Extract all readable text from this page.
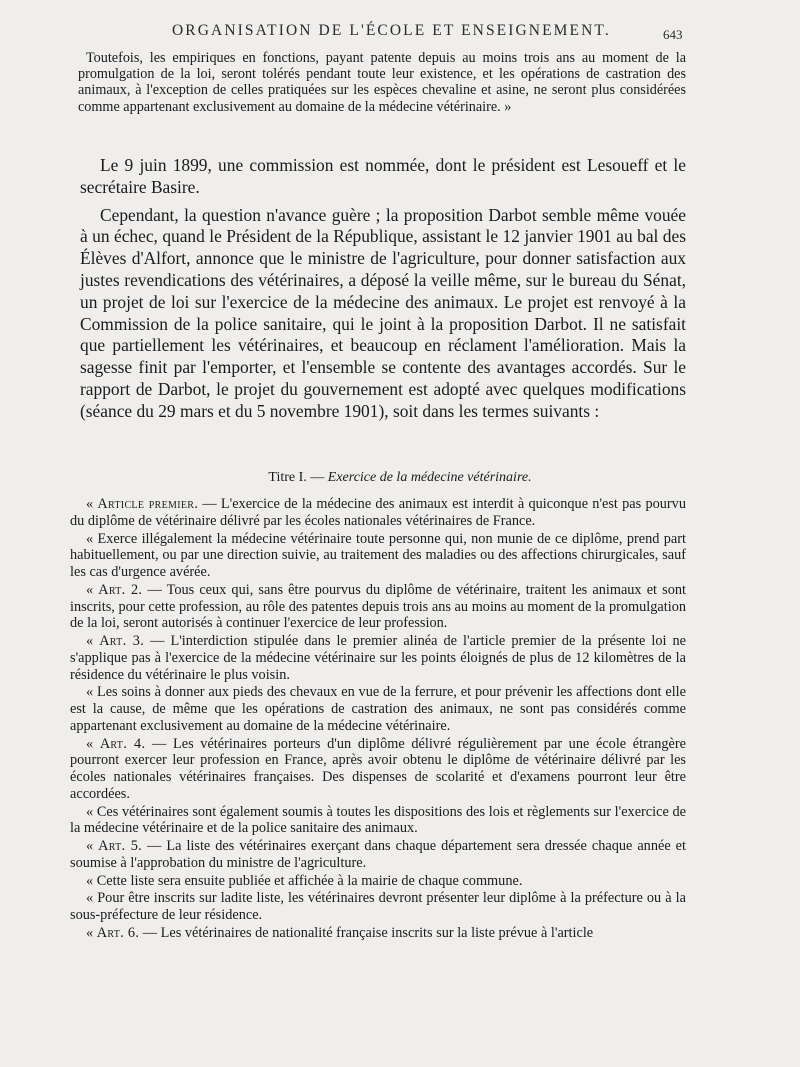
ORGANISATION DE L'ÉCOLE ET ENSEIGNEMENT.	643

Toutefois, les empiriques en fonctions, payant patente depuis au moins trois ans au moment de la promulgation de la loi, seront tolérés pendant toute leur existence, et les opérations de castration des animaux, à l'exception de celles pratiquées sur les espèces chevaline et asine, ne seront plus considérées comme appartenant exclusivement au domaine de la médecine vétérinaire. »

Le 9 juin 1899, une commission est nommée, dont le président est Lesoueff et le secrétaire Basire.

Cependant, la question n'avance guère ; la proposition Darbot semble même vouée à un échec, quand le Président de la République, assistant le 12 janvier 1901 au bal des Élèves d'Alfort, annonce que le ministre de l'agriculture, pour donner satisfaction aux justes revendications des vétérinaires, a déposé la veille même, sur le bureau du Sénat, un projet de loi sur l'exercice de la médecine des animaux. Le projet est renvoyé à la Commission de la police sanitaire, qui le joint à la proposition Darbot. Il ne satisfait que partiellement les vétérinaires, et beaucoup en réclament l'amélioration. Mais la sagesse finit par l'emporter, et l'ensemble se contente des avantages accordés. Sur le rapport de Darbot, le projet du gouvernement est adopté avec quelques modifications (séance du 29 mars et du 5 novembre 1901), soit dans les termes suivants :

Titre I. — Exercice de la médecine vétérinaire.

« Article premier. — L'exercice de la médecine des animaux est interdit à quiconque n'est pas pourvu du diplôme de vétérinaire délivré par les écoles nationales vétérinaires de France.

« Exerce illégalement la médecine vétérinaire toute personne qui, non munie de ce diplôme, prend part habituellement, ou par une direction suivie, au traitement des maladies ou des affections chirurgicales, sauf les cas d'urgence avérée.

« Art. 2. — Tous ceux qui, sans être pourvus du diplôme de vétérinaire, traitent les animaux et sont inscrits, pour cette profession, au rôle des patentes depuis trois ans au moins au moment de la promulgation de la loi, seront autorisés à continuer l'exercice de leur profession.

« Art. 3. — L'interdiction stipulée dans le premier alinéa de l'article premier de la présente loi ne s'applique pas à l'exercice de la médecine vétérinaire sur les points éloignés de plus de 12 kilomètres de la résidence du vétérinaire le plus voisin.

« Les soins à donner aux pieds des chevaux en vue de la ferrure, et pour prévenir les affections dont elle est la cause, de même que les opérations de castration des animaux, ne sont pas considérés comme appartenant exclusivement au domaine de la médecine vétérinaire.

« Art. 4. — Les vétérinaires porteurs d'un diplôme délivré régulièrement par une école étrangère pourront exercer leur profession en France, après avoir obtenu le diplôme de vétérinaire délivré par les écoles nationales vétérinaires françaises. Des dispenses de scolarité et d'examens pourront leur être accordées.

« Ces vétérinaires sont également soumis à toutes les dispositions des lois et règlements sur l'exercice de la médecine vétérinaire et de la police sanitaire des animaux.

« Art. 5. — La liste des vétérinaires exerçant dans chaque département sera dressée chaque année et soumise à l'approbation du ministre de l'agriculture.

« Cette liste sera ensuite publiée et affichée à la mairie de chaque commune.

« Pour être inscrits sur ladite liste, les vétérinaires devront présenter leur diplôme à la préfecture ou à la sous-préfecture de leur résidence.

« Art. 6. — Les vétérinaires de nationalité française inscrits sur la liste prévue à l'article
